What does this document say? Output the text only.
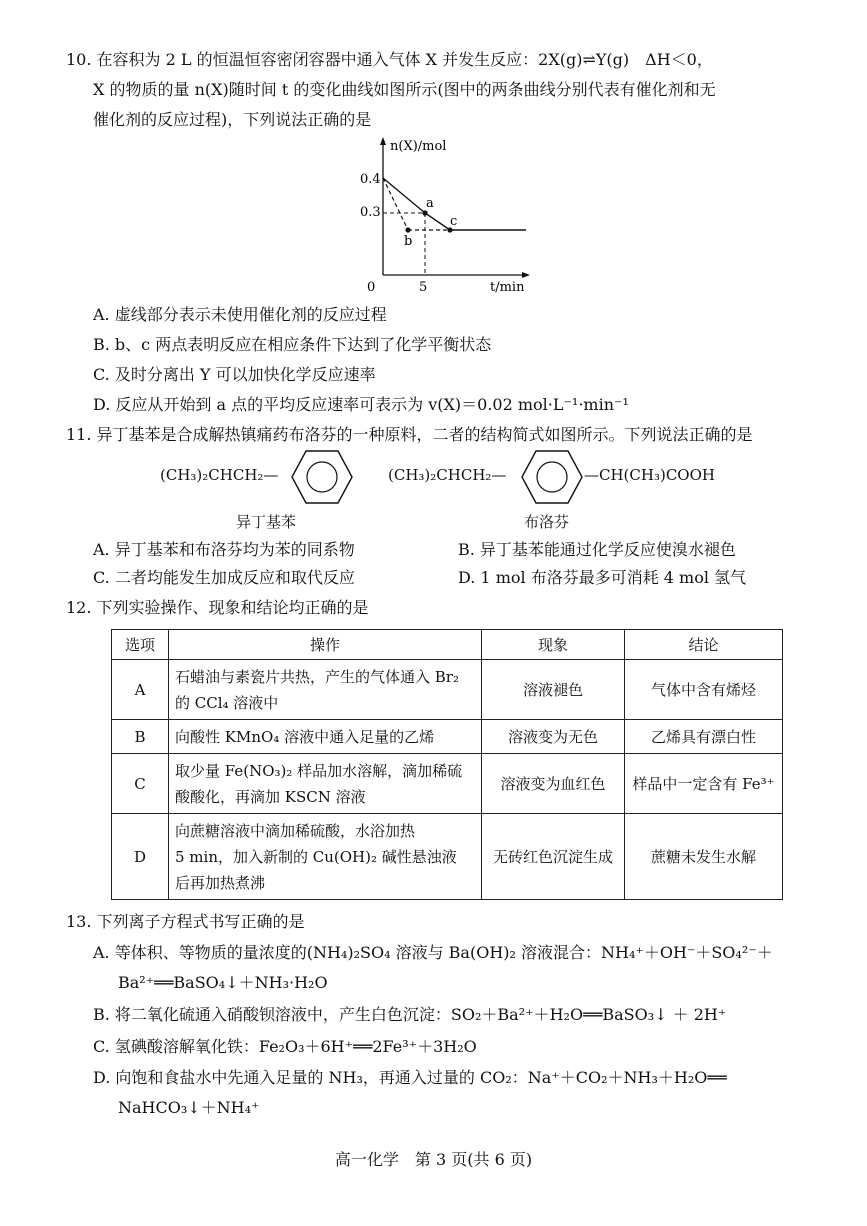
10. 在容积为 2 L 的恒温恒容密闭容器中通入气体 X 并发生反应：2X(g)⇌Y(g)　ΔH＜0，
X 的物质的量 n(X)随时间 t 的变化曲线如图所示(图中的两条曲线分别代表有催化剂和无
催化剂的反应过程)，下列说法正确的是
n(X)/mol
t/min
0
0.4
0.3
5
a
b
c
A. 虚线部分表示未使用催化剂的反应过程
B. b、c 两点表明反应在相应条件下达到了化学平衡状态
C. 及时分离出 Y 可以加快化学反应速率
D. 反应从开始到 a 点的平均反应速率可表示为 v(X)＝0.02 mol·L⁻¹·min⁻¹
11. 异丁基苯是合成解热镇痛药布洛芬的一种原料，二者的结构简式如图所示。下列说法正确的是
(CH₃)₂CHCH₂—
异丁基苯
(CH₃)₂CHCH₂—	—CH(CH₃)COOH
布洛芬
A. 异丁基苯和布洛芬均为苯的同系物	B. 异丁基苯能通过化学反应使溴水褪色
C. 二者均能发生加成反应和取代反应	D. 1 mol 布洛芬最多可消耗 4 mol 氢气
12. 下列实验操作、现象和结论均正确的是
选项	操作	现象	结论
A	石蜡油与素瓷片共热，产生的气体通入 Br₂
的 CCl₄ 溶液中	溶液褪色	气体中含有烯烃
B	向酸性 KMnO₄ 溶液中通入足量的乙烯	溶液变为无色	乙烯具有漂白性
C	取少量 Fe(NO₃)₂ 样品加水溶解，滴加稀硫
酸酸化，再滴加 KSCN 溶液	溶液变为血红色	样品中一定含有 Fe³⁺
D	向蔗糖溶液中滴加稀硫酸，水浴加热
5 min，加入新制的 Cu(OH)₂ 碱性悬浊液
后再加热煮沸	无砖红色沉淀生成	蔗糖未发生水解
13. 下列离子方程式书写正确的是
A. 等体积、等物质的量浓度的(NH₄)₂SO₄ 溶液与 Ba(OH)₂ 溶液混合：NH₄⁺＋OH⁻＋SO₄²⁻＋
Ba²⁺══BaSO₄↓＋NH₃·H₂O
B. 将二氧化硫通入硝酸钡溶液中，产生白色沉淀：SO₂＋Ba²⁺＋H₂O══BaSO₃↓ ＋ 2H⁺
C. 氢碘酸溶解氧化铁：Fe₂O₃＋6H⁺══2Fe³⁺＋3H₂O
D. 向饱和食盐水中先通入足量的 NH₃，再通入过量的 CO₂：Na⁺＋CO₂＋NH₃＋H₂O══
NaHCO₃↓＋NH₄⁺
高一化学　第 3 页(共 6 页)
